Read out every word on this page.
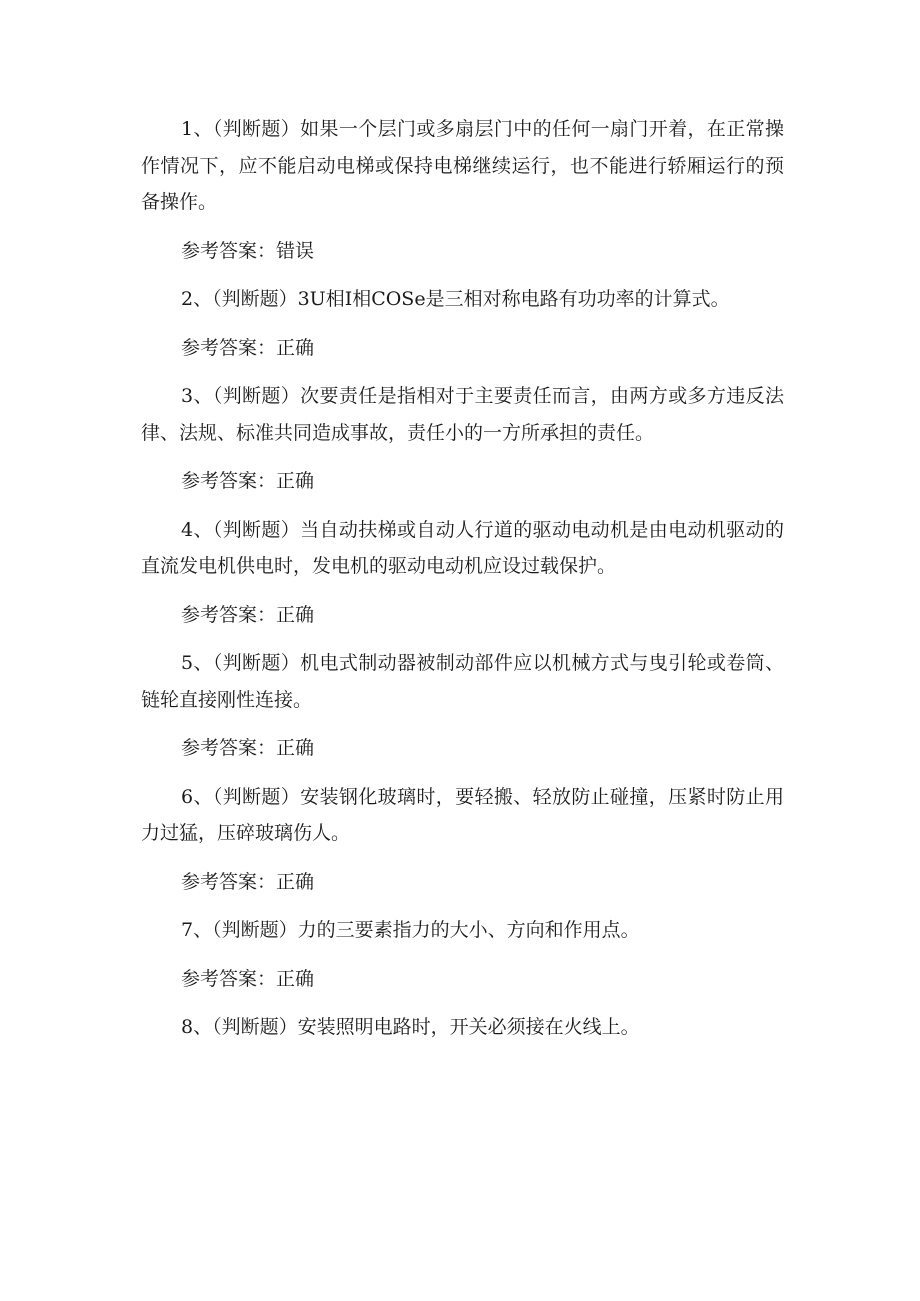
1、（判断题）如果一个层门或多扇层门中的任何一扇门开着，在正常操作情况下，应不能启动电梯或保持电梯继续运行，也不能进行轿厢运行的预备操作。

参考答案：错误

2、（判断题）3U相I相COSe是三相对称电路有功功率的计算式。

参考答案：正确

3、（判断题）次要责任是指相对于主要责任而言，由两方或多方违反法律、法规、标准共同造成事故，责任小的一方所承担的责任。

参考答案：正确

4、（判断题）当自动扶梯或自动人行道的驱动电动机是由电动机驱动的直流发电机供电时，发电机的驱动电动机应设过载保护。

参考答案：正确

5、（判断题）机电式制动器被制动部件应以机械方式与曳引轮或卷筒、链轮直接刚性连接。

参考答案：正确

6、（判断题）安装钢化玻璃时，要轻搬、轻放防止碰撞，压紧时防止用力过猛，压碎玻璃伤人。

参考答案：正确

7、（判断题）力的三要素指力的大小、方向和作用点。

参考答案：正确

8、（判断题）安装照明电路时，开关必须接在火线上。
